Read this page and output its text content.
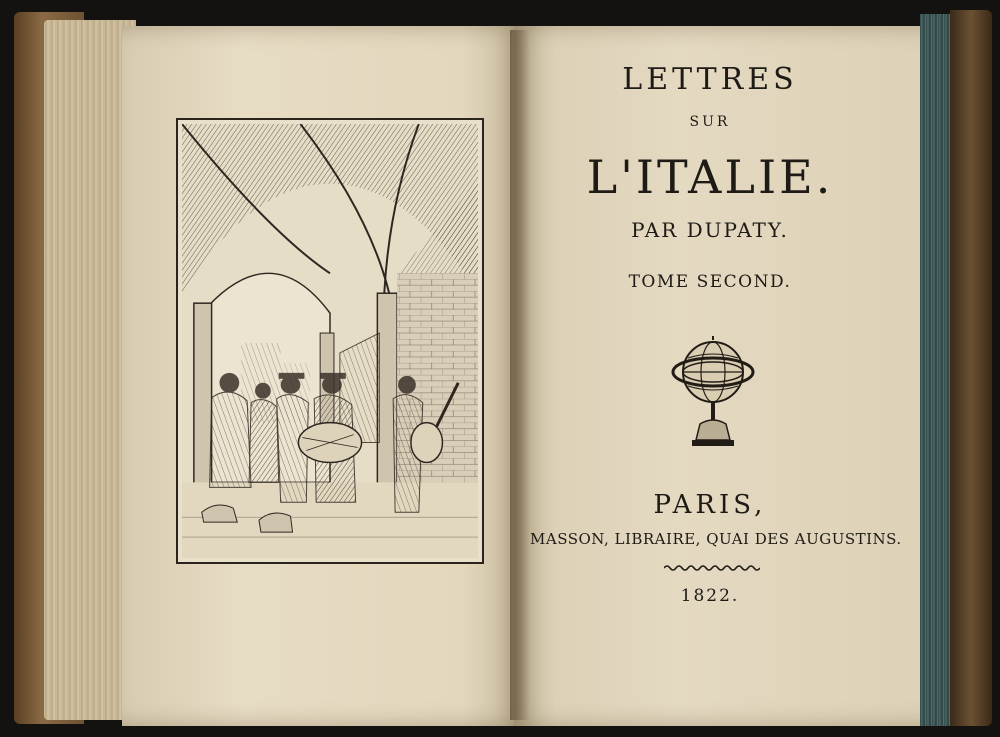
LETTRES

SUR

L'ITALIE.

PAR DUPATY.

TOME SECOND.

PARIS,

MASSON, LIBRAIRE, QUAI DES AUGUSTINS.

1822.
